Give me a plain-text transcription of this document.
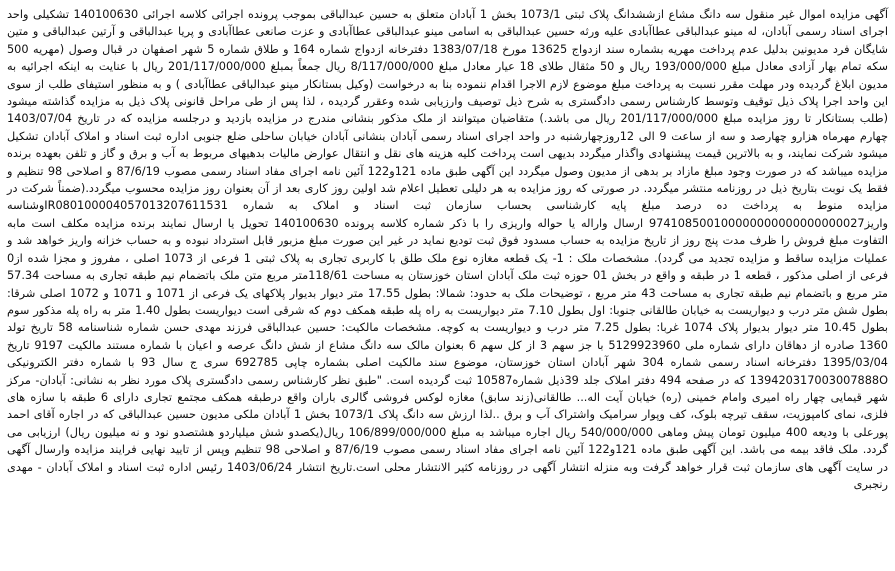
آگهی مزایده اموال غیر منقول سه دانگ مشاع ازششدانگ پلاک ثبتی 1073/1 بخش 1 آبادان متعلق به حسین عبدالباقی بموجب پرونده اجرائی کلاسه اجرائی 140100630 تشکیلی واحد اجرای اسناد رسمی آبادان، له مینو عبدالباقی عطاآبادی علیه ورثه حسین عبدالباقی به اسامی مینو عبدالباقی عطاآبادی و عزت صانعی عطاآبادی و پریا عبدالباقی و آرتین عبدالباقی و متین شایگان فرد مدیونین بدلیل عدم پرداخت مهریه بشماره سند ازدواج 13625 مورخ 1383/07/18 دفترخانه ازدواج شماره 164 و طلاق شماره 5 شهر اصفهان در قبال وصول (مهریه 500 سکه تمام بهار آزادی معادل مبلغ 193/000/000 ریال و 50 مثقال طلای 18 عیار معادل مبلغ 8/117/000/000 ریال جمعاً بمبلغ 201/117/000/000 ریال با عنایت به اینکه اجرائیه به مدیون ابلاغ گردیده ودر مهلت مقرر نسبت به پرداخت مبلغ موضوع لازم الاجرا اقدام ننموده بنا به درخواست (وکیل بستانکار مینو عبدالباقی عطاآبادی ) و به منظور استیفای طلب از سوی این واحد اجرا پلاک ذیل توقیف وتوسط کارشناس رسمی دادگستری به شرح ذیل توصیف وارزیابی شده وعقرر گردیده ، لذا پس از طی مراحل قانونی پلاک ذیل به مزایده گذاشته میشود (طلب بستانکار تا روز مزایده مبلغ 201/117/000/000 ریال می باشد.) متقاضیان میتوانند از ملک مذکور بنشانی مندرج در مزایده بازدید و درجلسه مزایده که در تاریخ 1403/07/04 چهارم مهرماه هزارو چهارصد و سه از ساعت 9 الی 12روزچهارشنبه در واحد اجرای اسناد رسمی آبادان بنشانی آبادان خیابان ساحلی ضلع جنوبی اداره ثبت اسناد و املاک آبادان تشکیل میشود شرکت نمایند، و به بالاترین قیمت پیشنهادی واگذار میگردد بدیهی است پرداخت کلیه هزینه های نقل و انتقال عوارض مالیات بدهیهای مربوط به آب و برق و گاز و تلفن بعهده برنده مزایده میباشد که در صورت وجود مبلغ مازاد بر بدهی از مدیون وصول میگردد این آگهی طبق ماده 121و122 آئین نامه اجرای مفاد اسناد رسمی مصوب 87/6/19 و اصلاحی 98 تنظیم و فقط یک نوبت بتاریخ ذیل در روزنامه منتشر میگردد. در صورتی که روز مزایده به هر دلیلی تعطیل اعلام شد اولین روز کاری بعد از آن بعنوان روز مزایده محسوب میگردد.(ضمناً شرکت در مزایده منوط به پرداخت ده درصد مبلغ پایه کارشناسی بحساب سازمان ثبت اسناد و املاک به شماره IR080100004057013207611531وشناسه واریز974108500100000000000000000027 ارسال واراله یا حواله واریزی را با ذکر شماره کلاسه پرونده 140100630 تحویل یا ارسال نمایند برنده مزایده مکلف است مابه التفاوت مبلغ فروش را ظرف مدت پنج روز از تاریخ مزایده به حساب مسدود فوق ثبت تودیع نماید در غیر این صورت مبلغ مزبور قابل استرداد نبوده و به حساب خزانه واریز خواهد شد و عملیات مزایده ساقط و مزایده تجدید می گردد). مشخصات ملک : 1- یک قطعه مغازه نوع ملک طلق با کاربری تجاری به پلاک ثبتی 1 فرعی از 1073 اصلی ، مفروز و مجزا شده از0 فرعی از اصلی مذکور ، قطعه 1 در طبقه و واقع در بخش 01 حوزه ثبت ملک آبادان استان خوزستان به مساحت 118/61متر مربع متن ملک باتضمام نیم طبقه تجاری به مساحت 57.34 متر مربع و باتضمام نیم طبقه تجاری به مساحت 43 متر مربع ، توضیحات ملک به حدود: شمالا: بطول 17.55 متر دیوار بدیوار پلاکهای یک فرعی از 1071 و 1071 و 1072 اصلی شرقا: بطول شش متر درب و دیواریست به خیابان طالقانی جنوبا: اول بطول 7.10 متر دیواریست به راه پله طبقه همکف دوم که شرقی است دیواریست بطول 1.40 متر به راه پله مذکور سوم بطول 10.45 متر دیوار بدیوار پلاک 1074 غربا: بطول 7.25 متر درب و دیواریست به کوچه. مشخصات مالکیت: حسین عبدالباقی فرزند مهدی حسن شماره شناسنامه 58 تاریخ تولد 1360 صادره از دهاقان دارای شماره ملی 5129923960 با جز سهم 3 از کل سهم 6 بعنوان مالک سه دانگ مشاع از شش دانگ عرصه و اعیان با شماره مستند مالکیت 9197 تاریخ 1395/03/04 دفترخانه اسناد رسمی شماره 304 شهر آبادان استان خوزستان، موضوع سند مالکیت اصلی بشماره چاپی 692785 سری ج سال 93 با شماره دفتر الکترونیکی 139420317003007888O که در صفحه 494 دفتر املاک جلد 39ذیل شماره10587 ثبت گردیده است. "طبق نظر کارشناس رسمی دادگستری پلاک مورد نظر به نشانی: آبادان- مرکز شهر قیمایی چهار راه امیری وامام خمینی (ره) خیابان آیت اله... طالقانی(زند سابق) مغازه لوکس فروشی گالری باران واقع درطبقه همکف مجتمع تجاری دارای 6 طبقه با سازه های فلزی، نمای کامپوزیت، سقف تیرچه بلوک، کف وپوار سرامیک واشتراک آب و برق ..لذا ارزش سه دانگ پلاک 1073/1 بخش 1 آبادان ملکی مدیون حسین عبدالباقی که در اجاره آقای احمد پورعلی با ودیعه 400 میلیون تومان پیش وماهی 540/000/000 ریال اجاره میباشد به مبلغ 106/899/000/000 ریال(یکصدو شش میلیاردو هشتصدو نود و نه میلیون ریال) ارزیابی می گردد. ملک فاقد بیمه می باشد. این آگهی طبق ماده 121و122 آئین نامه اجرای مفاد اسناد رسمی مصوب 87/6/19 و اصلاحی 98 تنظیم وپس از تایید نهایی فرایند مزایده وارسال آگهی در سایت آگهی های سازمان ثبت قرار خواهد گرفت وبه منزله انتشار آگهی در روزنامه کثیر الانتشار محلی است.تاریخ انتشار 1403/06/24 رئیس اداره ثبت اسناد و املاک آبادان - مهدی رنجبری
